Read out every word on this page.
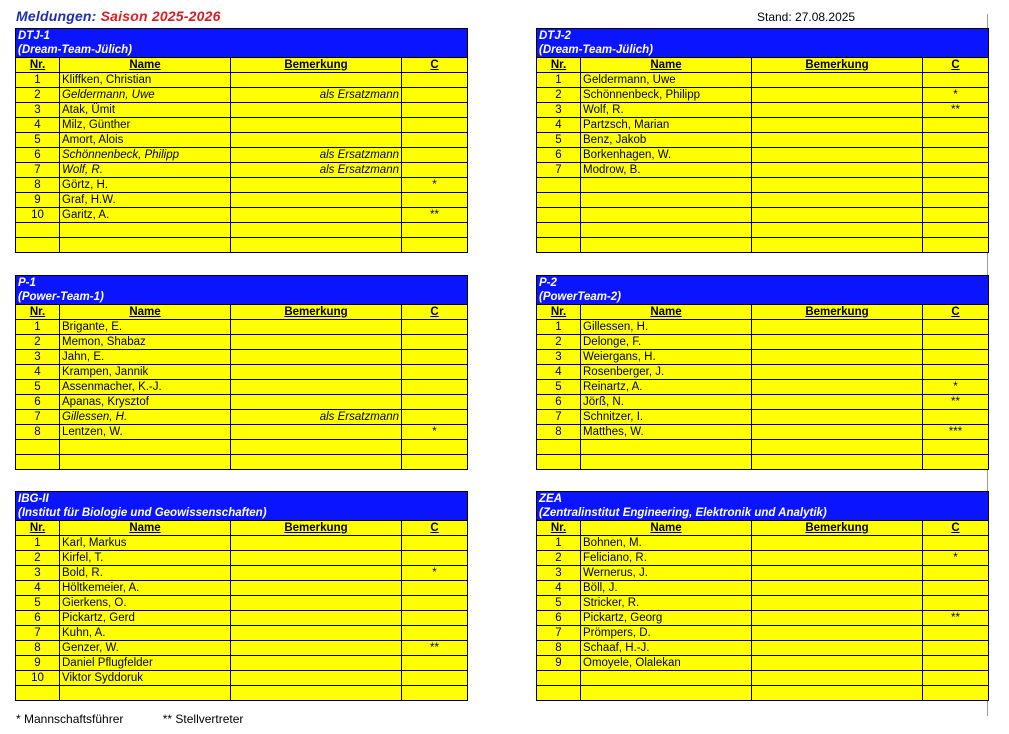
Meldungen: Saison 2025-2026	Stand: 27.08.2025
DTJ-1			
(Dream-Team-Jülich)			
Nr.	Name	Bemerkung	C
1	Kliffken, Christian		
2	Geldermann, Uwe	als Ersatzmann	
3	Atak, Ümit		
4	Milz, Günther		
5	Amort, Alois		
6	Schönnenbeck, Philipp	als Ersatzmann	
7	Wolf, R.	als Ersatzmann	
8	Görtz, H.		*
9	Graf, H.W.		
10	Garitz, A.		**

DTJ-2			
(Dream-Team-Jülich)			
Nr.	Name	Bemerkung	C
1	Geldermann, Uwe		
2	Schönnenbeck, Philipp		*
3	Wolf, R.		**
4	Partzsch, Marian		
5	Benz, Jakob		
6	Borkenhagen, W.		
7	Modrow, B.		

P-1			
(Power-Team-1)			
Nr.	Name	Bemerkung	C
1	Brigante, E.		
2	Memon, Shabaz		
3	Jahn, E.		
4	Krampen, Jannik		
5	Assenmacher, K.-J.		
6	Apanas, Krysztof		
7	Gillessen, H.	als Ersatzmann	
8	Lentzen, W.		*

P-2			
(PowerTeam-2)			
Nr.	Name	Bemerkung	C
1	Gillessen, H.		
2	Delonge, F.		
3	Weiergans, H.		
4	Rosenberger, J.		
5	Reinartz, A.		*
6	Jörß, N.		**
7	Schnitzer, I.		
8	Matthes, W.		***

IBG-II			
(Institut für Biologie und Geowissenschaften)			
Nr.	Name	Bemerkung	C
1	Karl, Markus		
2	Kirfel, T.		
3	Bold, R.		*
4	Höltkemeier, A.		
5	Gierkens, O.		
6	Pickartz, Gerd		
7	Kuhn, A.		
8	Genzer, W.		**
9	Daniel Pflugfelder		
10	Viktor Syddoruk		

ZEA			
(Zentralinstitut Engineering, Elektronik und Analytik)			
Nr.	Name	Bemerkung	C
1	Bohnen, M.		
2	Feliciano, R.		*
3	Wernerus, J.		
4	Böll, J.		
5	Stricker, R.		
6	Pickartz, Georg		**
7	Prömpers, D.		
8	Schaaf, H.-J.		
9	Omoyele, Olalekan		

* Mannschaftsführer	** Stellvertreter
